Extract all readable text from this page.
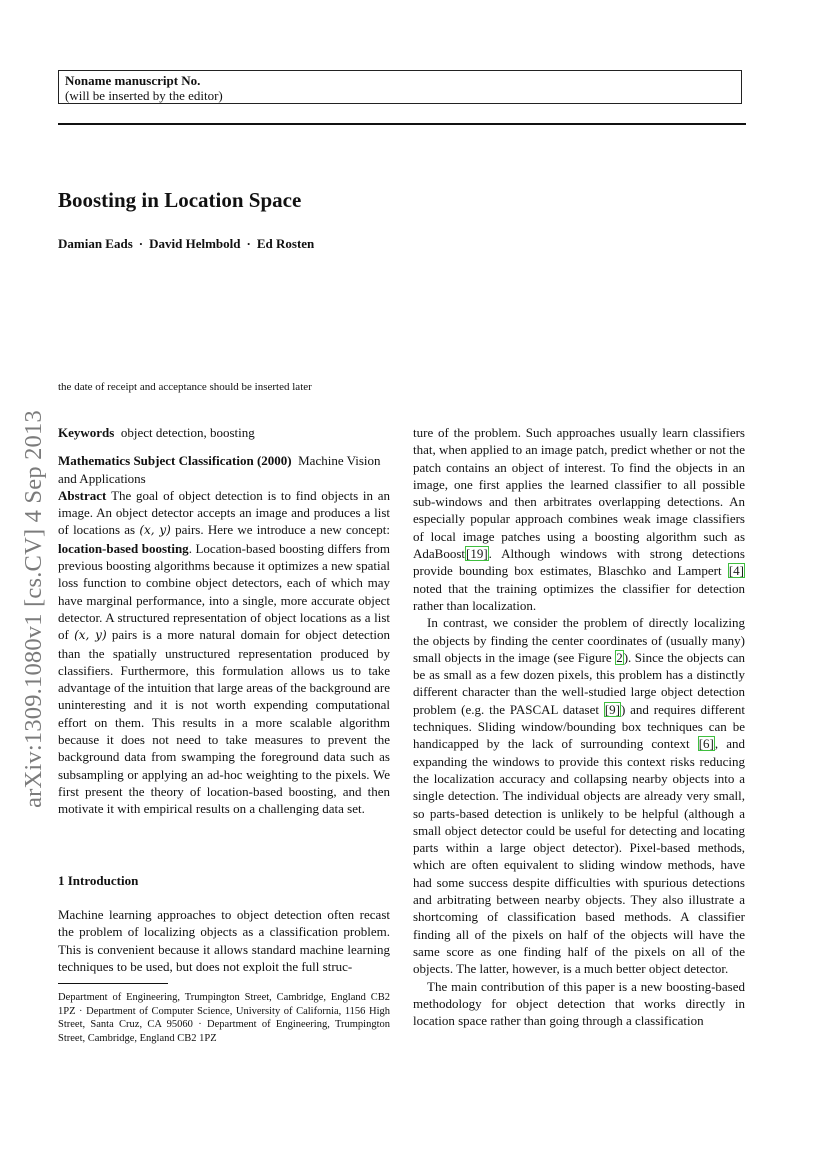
Noname manuscript No.
(will be inserted by the editor)
Boosting in Location Space
Damian Eads · David Helmbold · Ed Rosten
arXiv:1309.1080v1 [cs.CV] 4 Sep 2013
the date of receipt and acceptance should be inserted later

Keywords object detection, boosting

Mathematics Subject Classification (2000) Machine Vision and Applications

Abstract The goal of object detection is to find objects in an image. An object detector accepts an image and produces a list of locations as (x, y) pairs. Here we introduce a new concept: location-based boosting. Location-based boosting differs from previous boosting algorithms because it optimizes a new spatial loss function to combine object detectors, each of which may have marginal performance, into a single, more accurate object detector. A structured representation of object locations as a list of (x, y) pairs is a more natural domain for object detection than the spatially unstructured representation produced by classifiers. Furthermore, this formulation allows us to take advantage of the intuition that large areas of the background are uninteresting and it is not worth expending computational effort on them. This results in a more scalable algorithm because it does not need to take measures to prevent the background data from swamping the foreground data such as subsampling or applying an ad-hoc weighting to the pixels. We first present the theory of location-based boosting, and then motivate it with empirical results on a challenging data set.

1 Introduction

Machine learning approaches to object detection often recast the problem of localizing objects as a classification problem. This is convenient because it allows standard machine learning techniques to be used, but does not exploit the full struc-

Department of Engineering, Trumpington Street, Cambridge, England CB2 1PZ · Department of Computer Science, University of California, 1156 High Street, Santa Cruz, CA 95060 · Department of Engineering, Trumpington Street, Cambridge, England CB2 1PZ

ture of the problem. Such approaches usually learn classifiers that, when applied to an image patch, predict whether or not the patch contains an object of interest. To find the objects in an image, one first applies the learned classifier to all possible sub-windows and then arbitrates overlapping detections. An especially popular approach combines weak image classifiers of local image patches using a boosting algorithm such as AdaBoost[19]. Although windows with strong detections provide bounding box estimates, Blaschko and Lampert [4] noted that the training optimizes the classifier for detection rather than localization.

In contrast, we consider the problem of directly localizing the objects by finding the center coordinates of (usually many) small objects in the image (see Figure 2). Since the objects can be as small as a few dozen pixels, this problem has a distinctly different character than the well-studied large object detection problem (e.g. the PASCAL dataset [9]) and requires different techniques. Sliding window/bounding box techniques can be handicapped by the lack of surrounding context [6], and expanding the windows to provide this context risks reducing the localization accuracy and collapsing nearby objects into a single detection. The individual objects are already very small, so parts-based detection is unlikely to be helpful (although a small object detector could be useful for detecting and locating parts within a large object detector). Pixel-based methods, which are often equivalent to sliding window methods, have had some success despite difficulties with spurious detections and arbitrating between nearby objects. They also illustrate a shortcoming of classification based methods. A classifier finding all of the pixels on half of the objects will have the same score as one finding half of the pixels on all of the objects. The latter, however, is a much better object detector.

The main contribution of this paper is a new boosting-based methodology for object detection that works directly in location space rather than going through a classification
